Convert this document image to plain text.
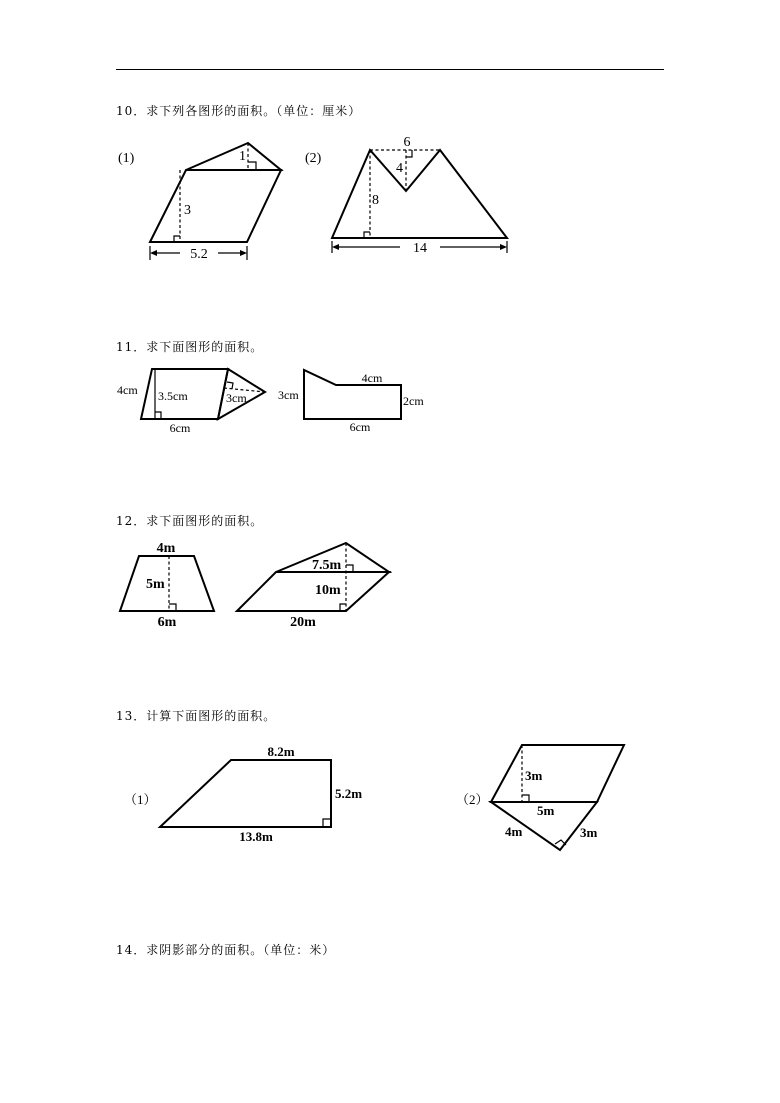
10．求下列各图形的面积。（单位：厘米）
(1)
3
1
5.2
(2)
6
4
8
14
11．求下面图形的面积。
4cm 3.5cm	3cm
6cm
3cm
4cm
2cm
6cm
12．求下面图形的面积。
4m
5m
6m
7.5m
10m
20m
13．计算下面图形的面积。
（1）
8.2m
5.2m
13.8m
（2）
3m
5m
4m	3m
14．求阴影部分的面积。（单位：米）
